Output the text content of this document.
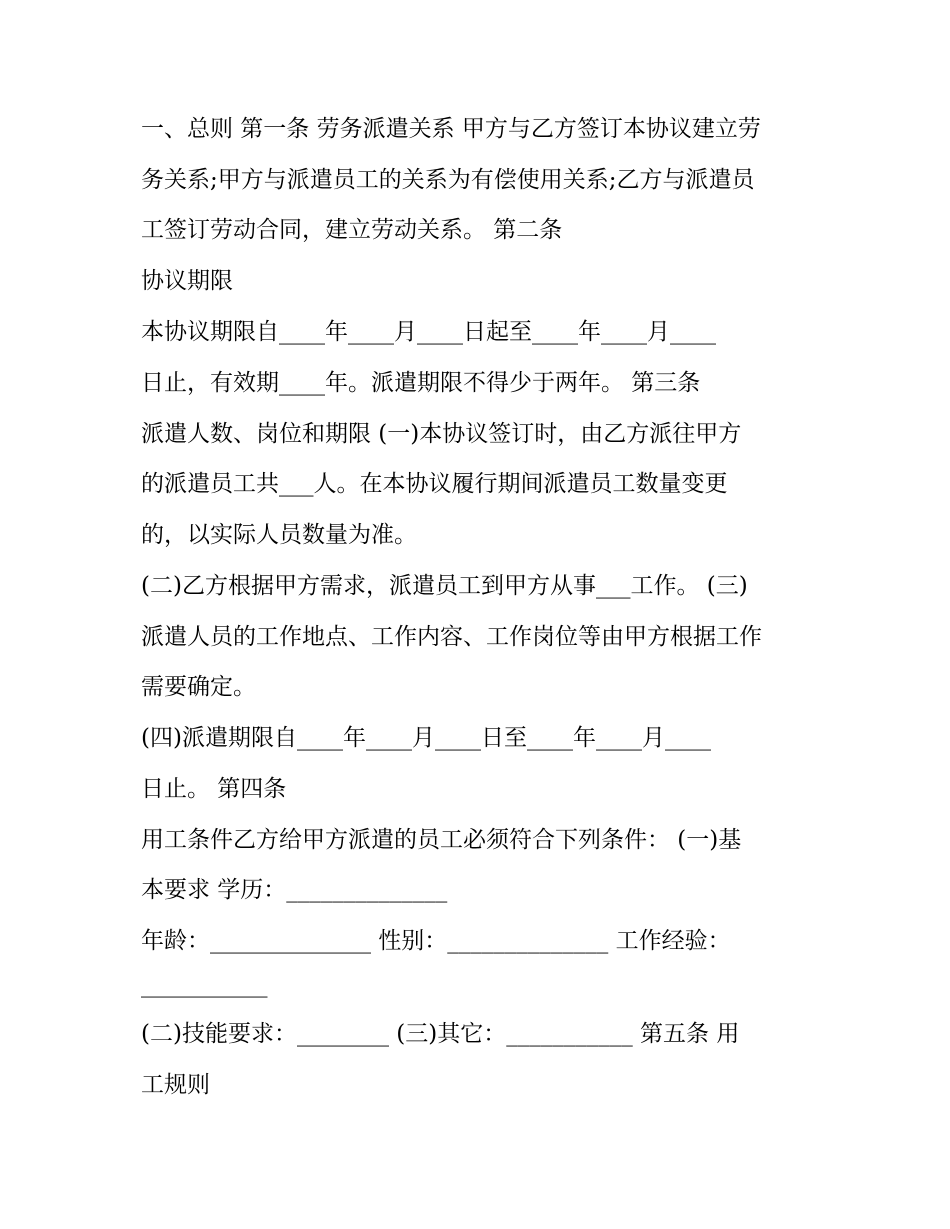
一、总则 第一条 劳务派遣关系 甲方与乙方签订本协议建立劳
务关系;甲方与派遣员工的关系为有偿使用关系;乙方与派遣员
工签订劳动合同，建立劳动关系。 第二条
协议期限
本协议期限自____年____月____日起至____年____月____
日止，有效期____年。派遣期限不得少于两年。 第三条
派遣人数、岗位和期限 (一)本协议签订时，由乙方派往甲方
的派遣员工共___人。在本协议履行期间派遣员工数量变更
的，以实际人员数量为准。
(二)乙方根据甲方需求，派遣员工到甲方从事___工作。 (三)
派遣人员的工作地点、工作内容、工作岗位等由甲方根据工作
需要确定。
(四)派遣期限自____年____月____日至____年____月____
日止。 第四条
用工条件乙方给甲方派遣的员工必须符合下列条件： (一)基
本要求 学历：______________
年龄：______________ 性别：______________ 工作经验：
___________
(二)技能要求：________ (三)其它：___________ 第五条 用
工规则
